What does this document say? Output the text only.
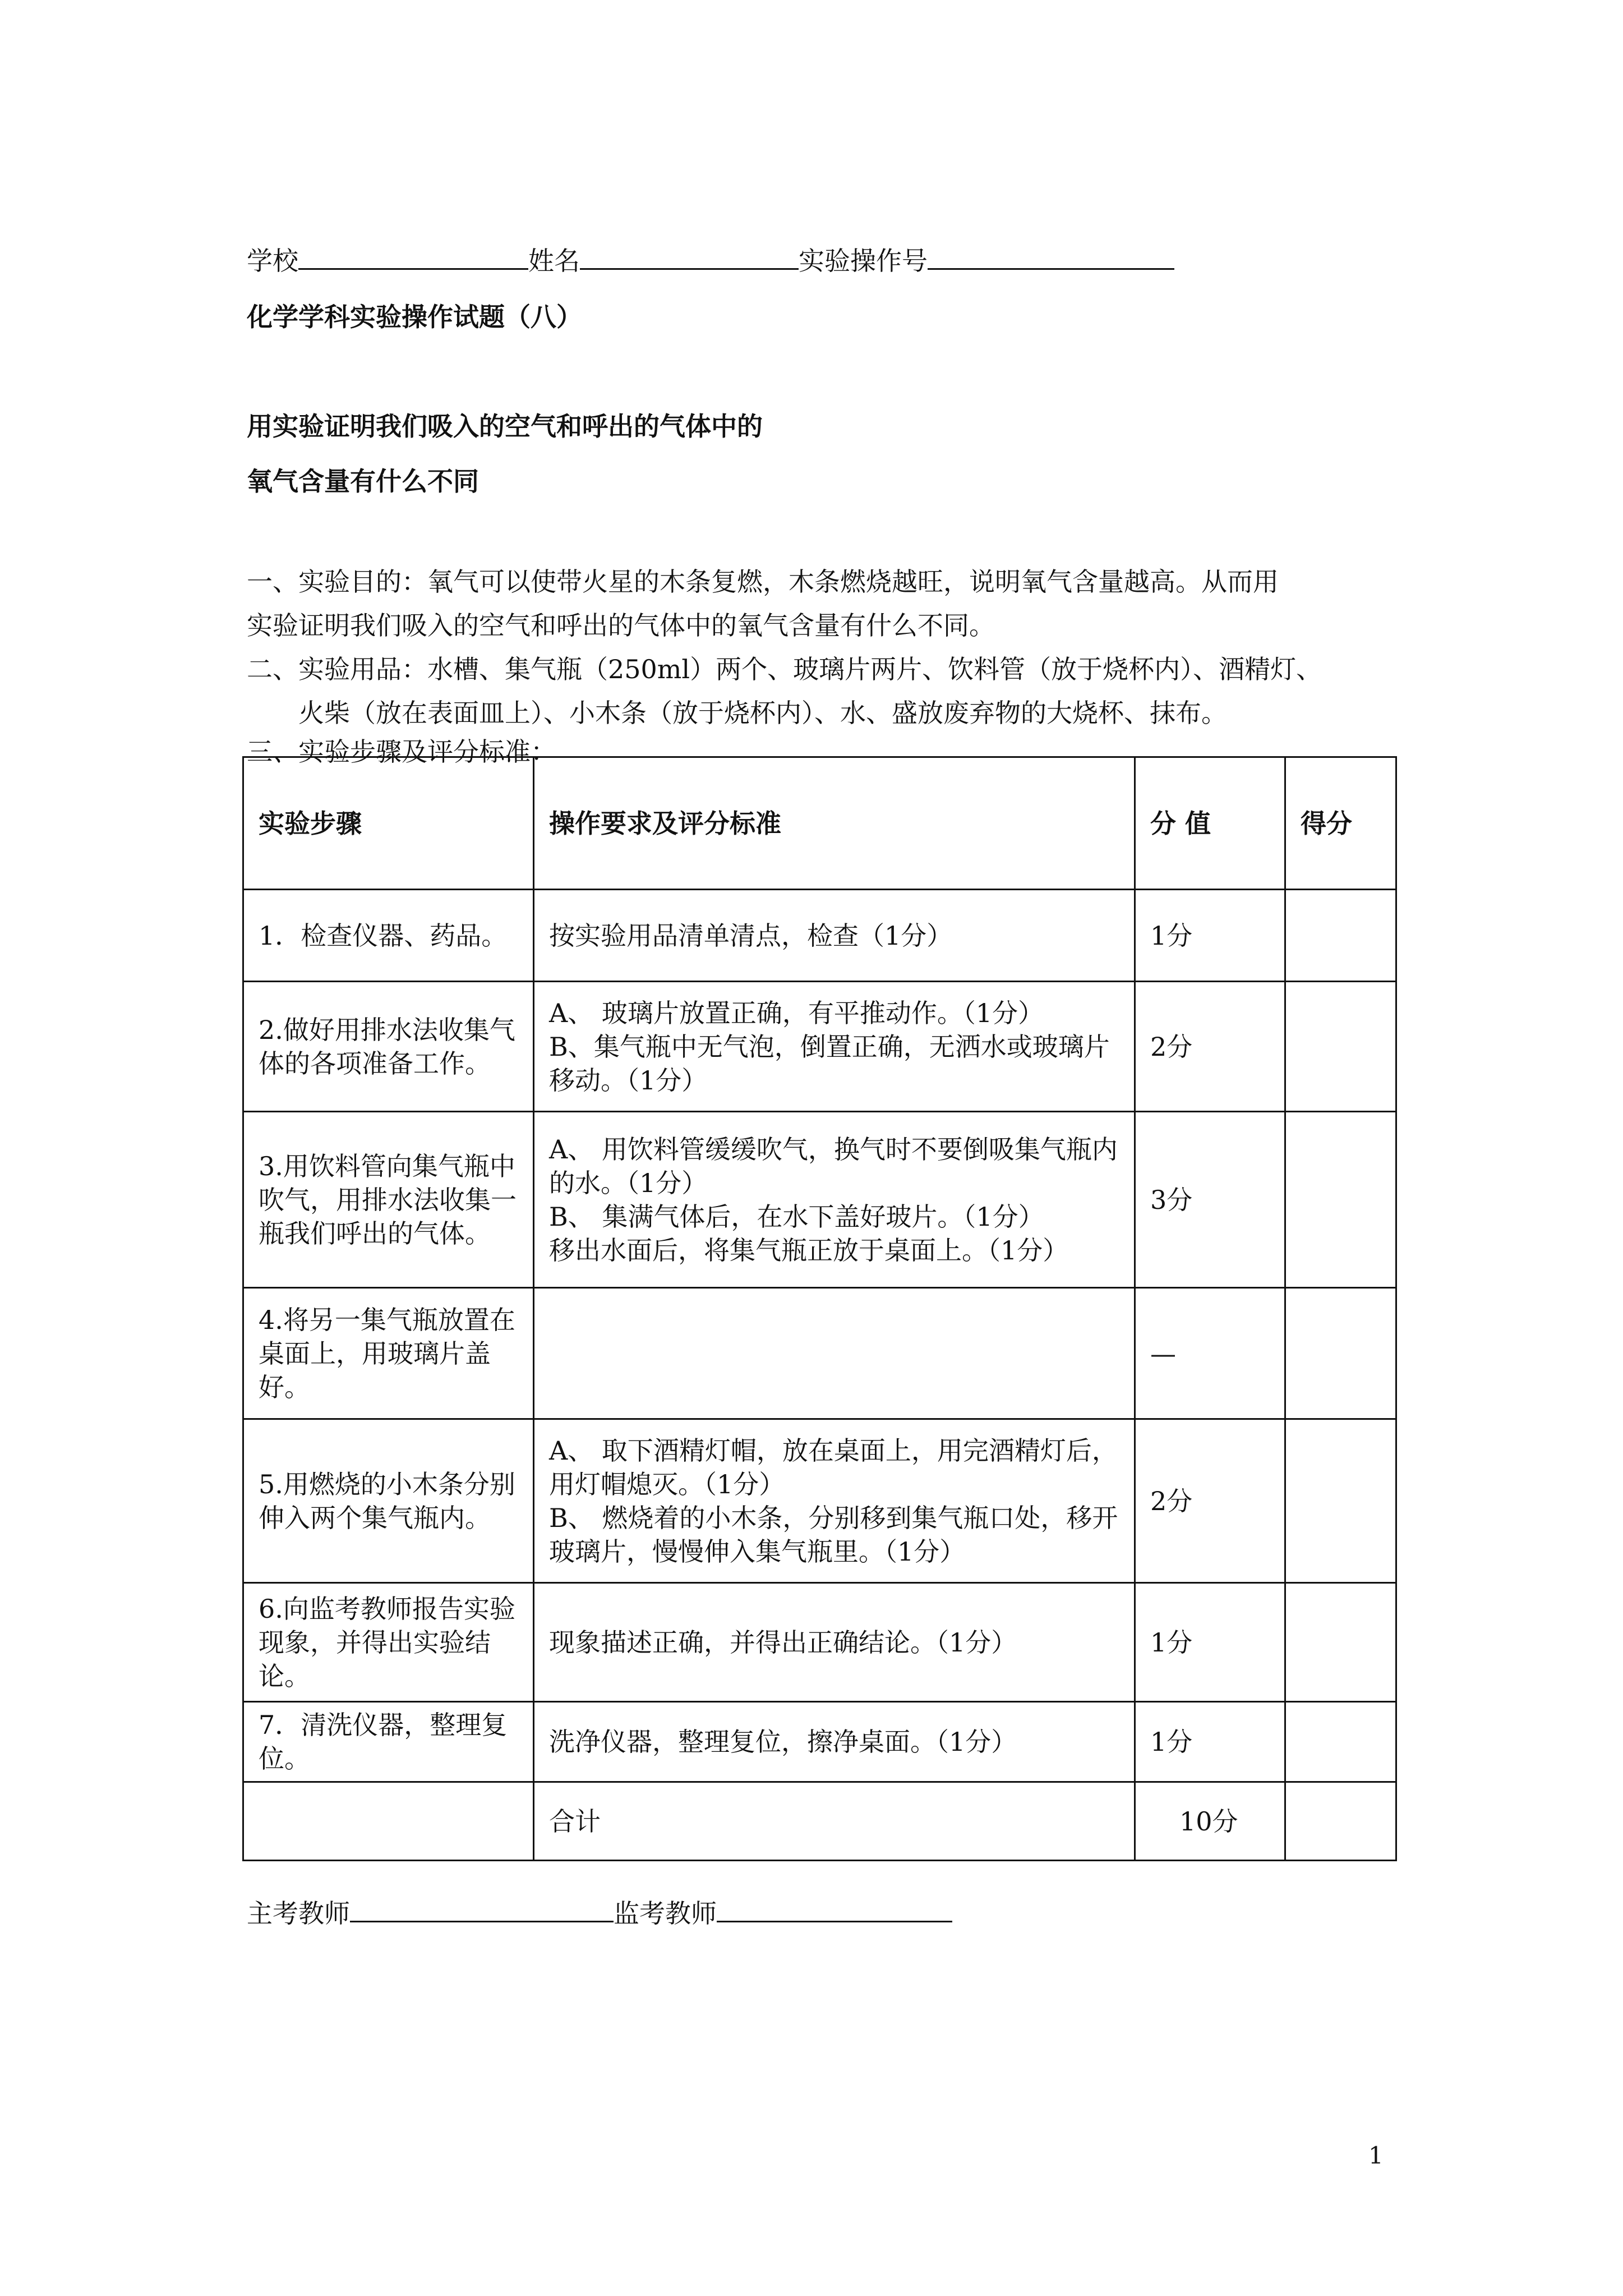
学校	姓名	实验操作号
化学学科实验操作试题（八）
用实验证明我们吸入的空气和呼出的气体中的
氧气含量有什么不同
一、实验目的：氧气可以使带火星的木条复燃，木条燃烧越旺，说明氧气含量越高。从而用
实验证明我们吸入的空气和呼出的气体中的氧气含量有什么不同。
二、实验用品：水槽、集气瓶（250ml）两个、玻璃片两片、饮料管（放于烧杯内）、酒精灯、
火柴（放在表面皿上）、小木条（放于烧杯内）、水、盛放废弃物的大烧杯、抹布。
三、实验步骤及评分标准：
实验步骤	操作要求及评分标准	分 值	得分
1．检查仪器、药品。	按实验用品清单清点，检查（1分）	1分	
2.做好用排水法收集气体的各项准备工作。	A、 玻璃片放置正确，有平推动作。（1分）
B、集气瓶中无气泡，倒置正确，无洒水或玻璃片移动。（1分）	2分	
3.用饮料管向集气瓶中吹气，用排水法收集一瓶我们呼出的气体。	A、 用饮料管缓缓吹气，换气时不要倒吸集气瓶内的水。（1分）
B、 集满气体后，在水下盖好玻片。（1分）
移出水面后，将集气瓶正放于桌面上。（1分）	3分	
4.将另一集气瓶放置在桌面上，用玻璃片盖好。		—	
5.用燃烧的小木条分别伸入两个集气瓶内。	A、 取下酒精灯帽，放在桌面上，用完酒精灯后，用灯帽熄灭。（1分）
B、 燃烧着的小木条，分别移到集气瓶口处，移开玻璃片，慢慢伸入集气瓶里。（1分）	2分	
6.向监考教师报告实验现象，并得出实验结论。	现象描述正确，并得出正确结论。（1分）	1分	
7．清洗仪器，整理复位。	洗净仪器，整理复位，擦净桌面。（1分）	1分	
	合计	10分	
主考教师	监考教师
1
